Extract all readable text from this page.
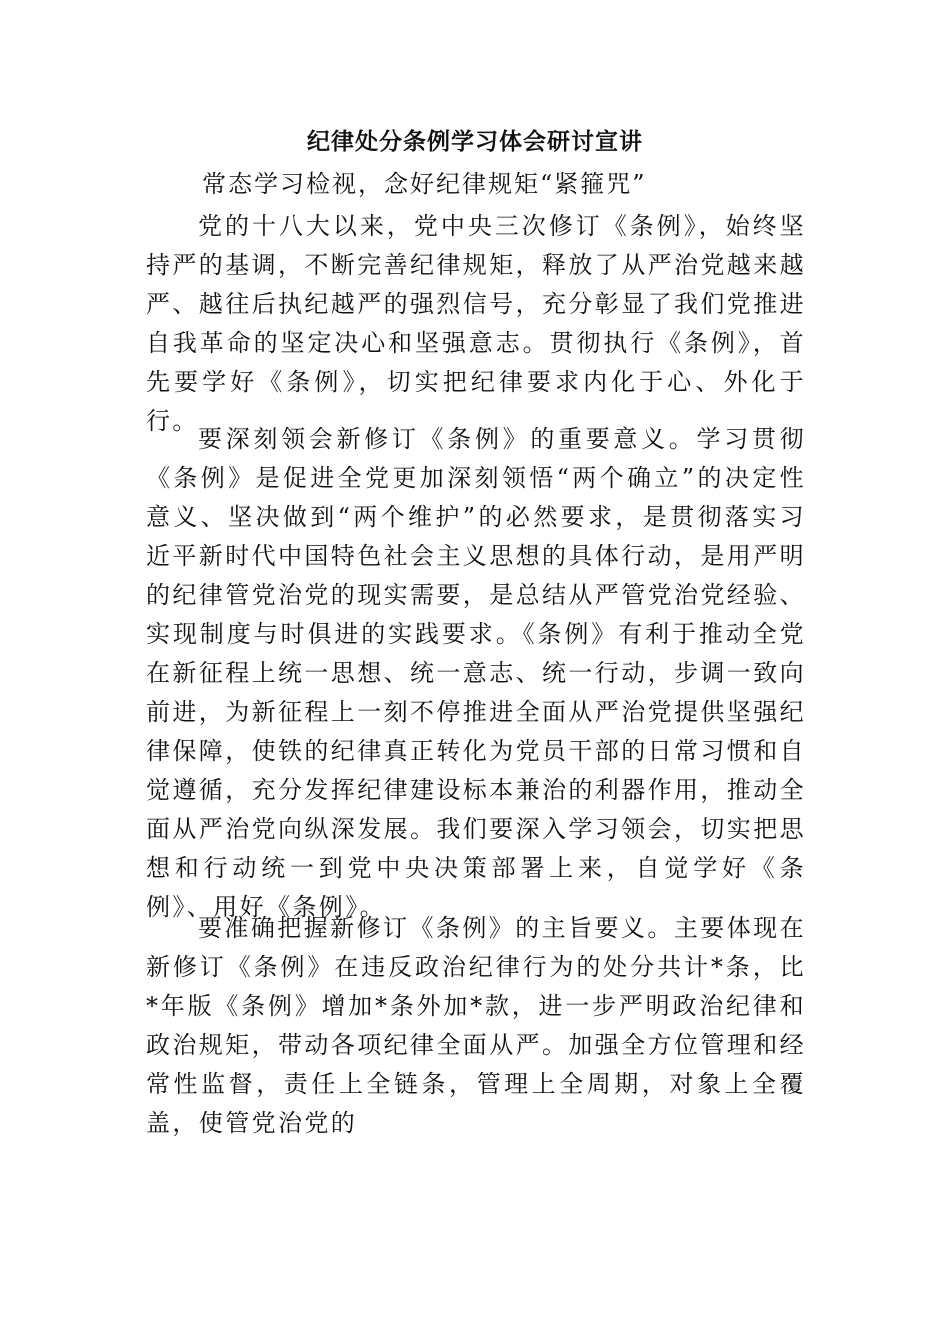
纪律处分条例学习体会研讨宣讲

常态学习检视，念好纪律规矩“紧箍咒”

党的十八大以来，党中央三次修订《条例》，始终坚持严的基调，不断完善纪律规矩，释放了从严治党越来越严、越往后执纪越严的强烈信号，充分彰显了我们党推进自我革命的坚定决心和坚强意志。贯彻执行《条例》，首先要学好《条例》，切实把纪律要求内化于心、外化于行。

要深刻领会新修订《条例》的重要意义。学习贯彻《条例》是促进全党更加深刻领悟“两个确立”的决定性意义、坚决做到“两个维护”的必然要求，是贯彻落实习近平新时代中国特色社会主义思想的具体行动，是用严明的纪律管党治党的现实需要，是总结从严管党治党经验、实现制度与时俱进的实践要求。《条例》有利于推动全党在新征程上统一思想、统一意志、统一行动，步调一致向前进，为新征程上一刻不停推进全面从严治党提供坚强纪律保障，使铁的纪律真正转化为党员干部的日常习惯和自觉遵循，充分发挥纪律建设标本兼治的利器作用，推动全面从严治党向纵深发展。我们要深入学习领会，切实把思想和行动统一到党中央决策部署上来，自觉学好《条例》、用好《条例》。

要准确把握新修订《条例》的主旨要义。主要体现在新修订《条例》在违反政治纪律行为的处分共计*条，比*年版《条例》增加*条外加*款，进一步严明政治纪律和政治规矩，带动各项纪律全面从严。加强全方位管理和经常性监督，责任上全链条，管理上全周期，对象上全覆盖，使管党治党的
